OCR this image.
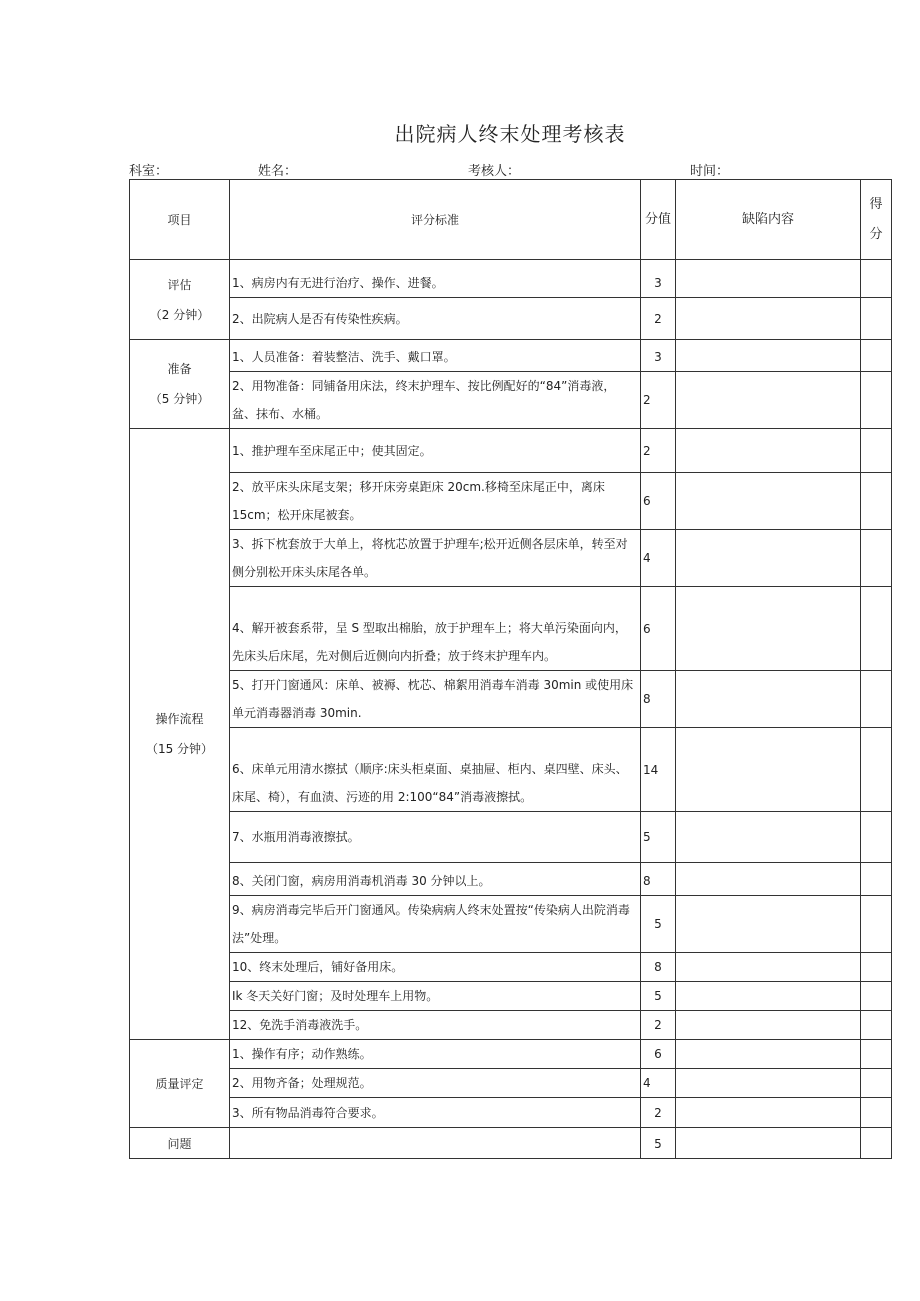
出院病人终末处理考核表
科室：	姓名：	考核人：	时间：
项目	评分标准	分值	缺陷内容	得
分

评估
（2 分钟）	1、病房内有无进行治疗、操作、进餐。	3		
	2、出院病人是否有传染性疾病。	2		

准备
（5 分钟）	1、人员准备：着装整洁、洗手、戴口罩。	3		
	2、用物准备：同铺备用床法，终末护理车、按比例配好的“84”消毒液，盆、抹布、水桶。	2		

操作流程
（15 分钟）	1、推护理车至床尾正中；使其固定。	2		
	2、放平床头床尾支架；移开床旁桌距床 20cm.移椅至床尾正中，离床 15cm；松开床尾被套。	6		
	3、拆下枕套放于大单上，将枕芯放置于护理车;松开近侧各层床单，转至对侧分别松开床头床尾各单。	4		
	4、解开被套系带，呈 S 型取出棉胎，放于护理车上；将大单污染面向内，先床头后床尾，先对侧后近侧向内折叠；放于终末护理车内。	6		
	5、打开门窗通风：床单、被褥、枕芯、棉絮用消毒车消毒 30min 或使用床单元消毒器消毒 30min.	8		
	6、床单元用清水擦拭（顺序:床头柜桌面、桌抽屉、柜内、桌四壁、床头、床尾、椅），有血渍、污迹的用 2:100“84”消毒液擦拭。	14		
	7、水瓶用消毒液擦拭。	5		
	8、关闭门窗，病房用消毒机消毒 30 分钟以上。	8		
	9、病房消毒完毕后开门窗通风。传染病病人终末处置按“传染病人出院消毒法”处理。	5		
	10、终末处理后，铺好备用床。	8		
	Ik 冬天关好门窗；及时处理车上用物。	5		
	12、免洗手消毒液洗手。	2		
质量评定	1、操作有序；动作熟练。	6		
	2、用物齐备；处理规范。	4		
	3、所有物品消毒符合要求。	2		
问题		5		
